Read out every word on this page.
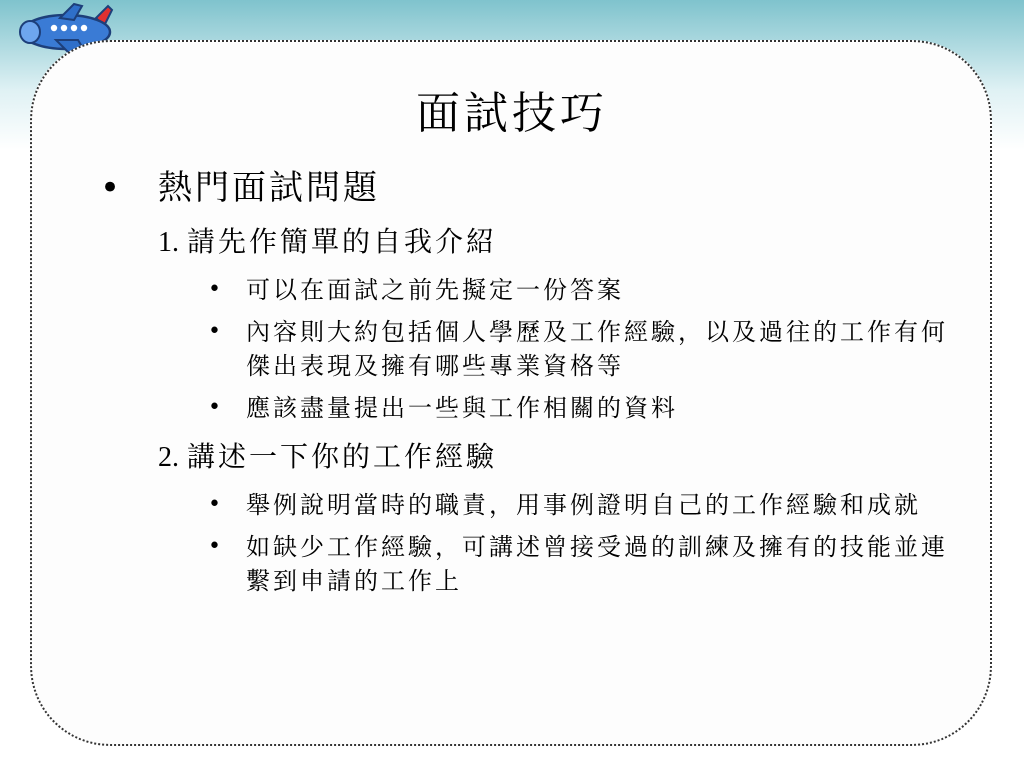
面試技巧
• 熱門面試問題
1. 請先作簡單的自我介紹
• 可以在面試之前先擬定一份答案
• 內容則大約包括個人學歷及工作經驗，以及過往的工作有何傑出表現及擁有哪些專業資格等
• 應該盡量提出一些與工作相關的資料
2. 講述一下你的工作經驗
• 舉例說明當時的職責，用事例證明自己的工作經驗和成就
• 如缺少工作經驗，可講述曾接受過的訓練及擁有的技能並連繫到申請的工作上
